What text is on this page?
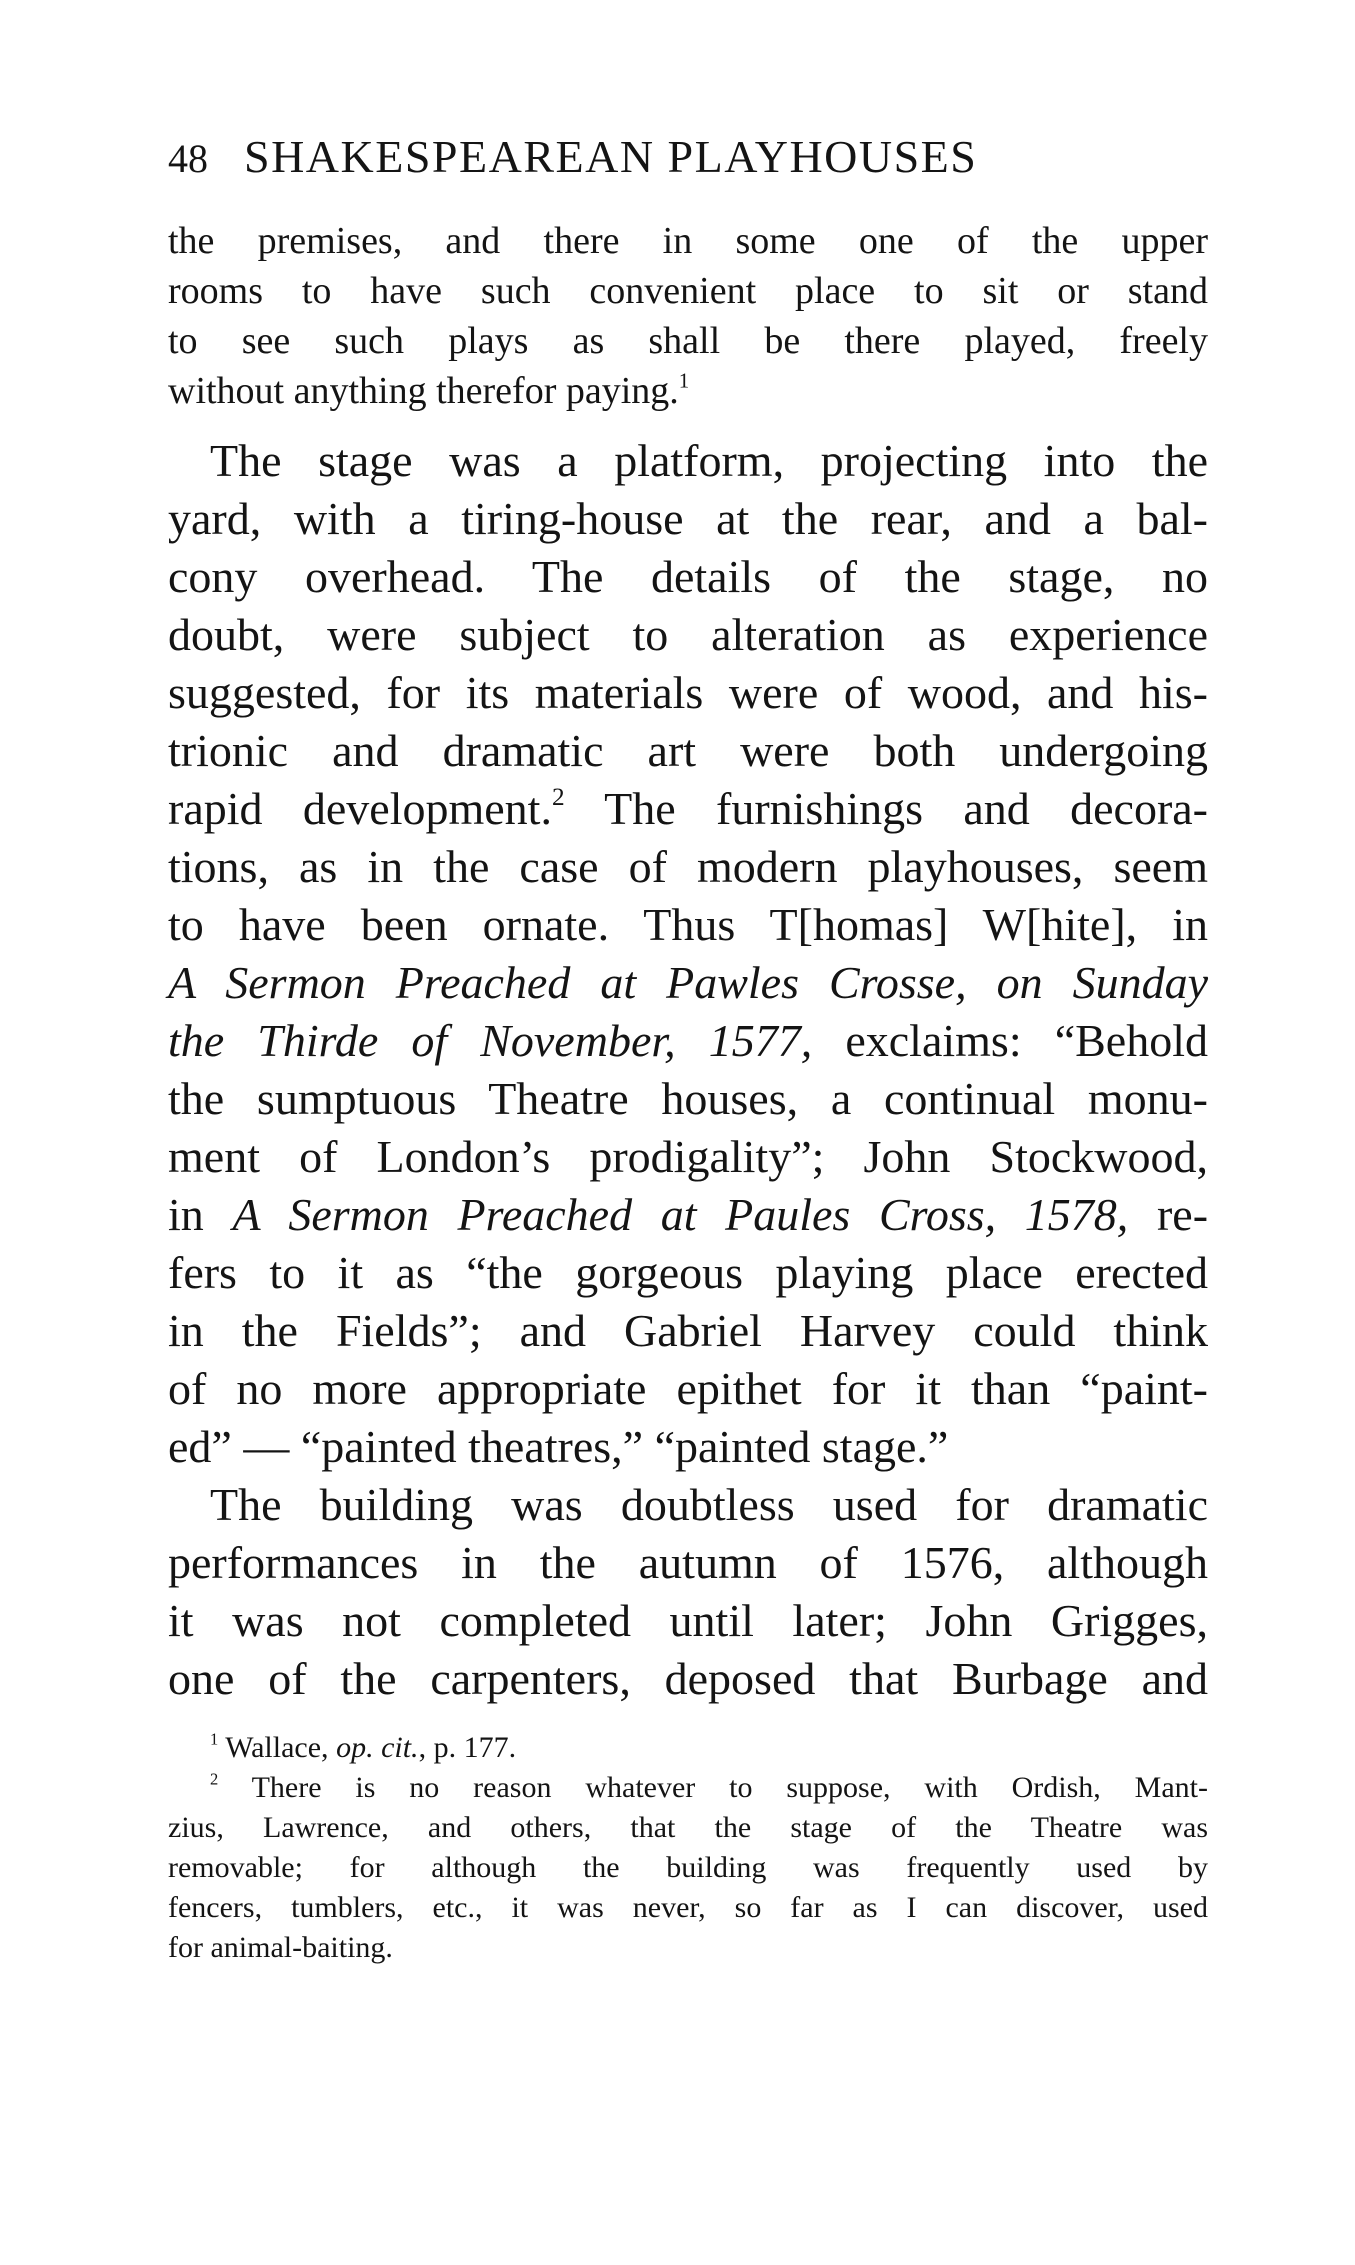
48 SHAKESPEAREAN PLAYHOUSES
the premises, and there in some one of the upper
rooms to have such convenient place to sit or stand
to see such plays as shall be there played, freely
without anything therefor paying.$^1$
The stage was a platform, projecting into the
yard, with a tiring-house at the rear, and a bal-
cony overhead. The details of the stage, no
doubt, were subject to alteration as experience
suggested, for its materials were of wood, and his-
trionic and dramatic art were both undergoing
rapid development.$^2$ The furnishings and decora-
tions, as in the case of modern playhouses, seem
to have been ornate. Thus T[homas] W[hite], in
A Sermon Preached at Pawles Crosse, on Sunday
the Thirde of November, 1577, exclaims: “Behold
the sumptuous Theatre houses, a continual monu-
ment of London’s prodigality”; John Stockwood,
in A Sermon Preached at Paules Cross, 1578, re-
fers to it as “the gorgeous playing place erected
in the Fields”; and Gabriel Harvey could think
of no more appropriate epithet for it than “paint-
ed” — “painted theatres,” “painted stage.”
The building was doubtless used for dramatic
performances in the autumn of 1576, although
it was not completed until later; John Grigges,
one of the carpenters, deposed that Burbage and
$^1$ Wallace, op. cit., p. 177.
$^2$ There is no reason whatever to suppose, with Ordish, Mant-
zius, Lawrence, and others, that the stage of the Theatre was
removable; for although the building was frequently used by
fencers, tumblers, etc., it was never, so far as I can discover, used
for animal-baiting.
